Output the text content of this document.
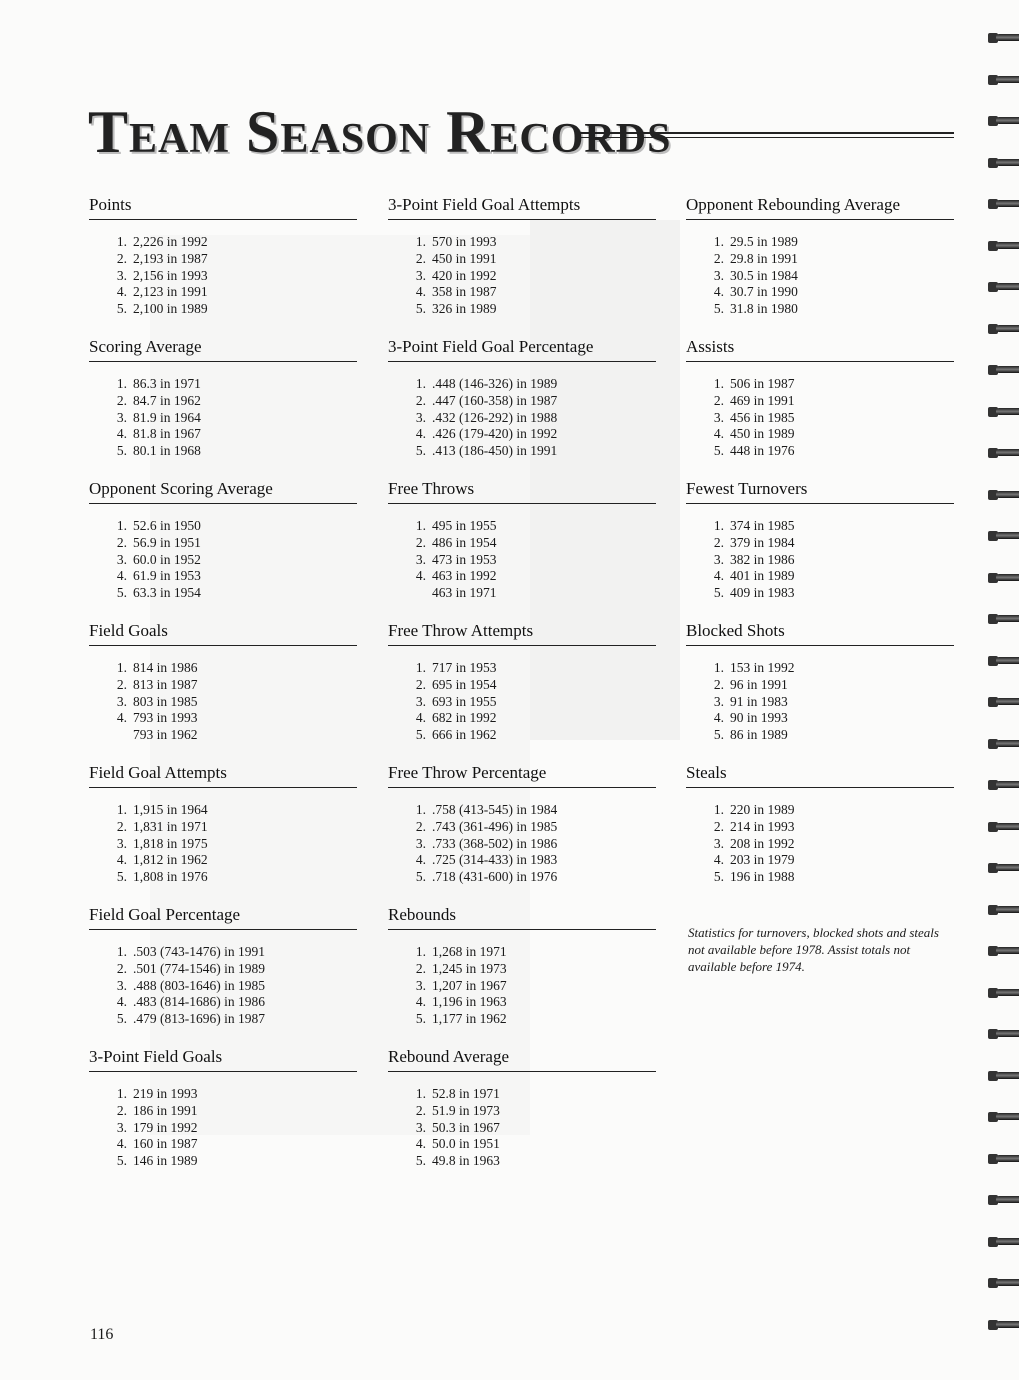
Team Season Records
Points
1. 2,226 in 1992
2. 2,193 in 1987
3. 2,156 in 1993
4. 2,123 in 1991
5. 2,100 in 1989
Scoring Average
1. 86.3 in 1971
2. 84.7 in 1962
3. 81.9 in 1964
4. 81.8 in 1967
5. 80.1 in 1968
Opponent Scoring Average
1. 52.6 in 1950
2. 56.9 in 1951
3. 60.0 in 1952
4. 61.9 in 1953
5. 63.3 in 1954
Field Goals
1. 814 in 1986
2. 813 in 1987
3. 803 in 1985
4. 793 in 1993
793 in 1962
Field Goal Attempts
1. 1,915 in 1964
2. 1,831 in 1971
3. 1,818 in 1975
4. 1,812 in 1962
5. 1,808 in 1976
Field Goal Percentage
1. .503 (743-1476) in 1991
2. .501 (774-1546) in 1989
3. .488 (803-1646) in 1985
4. .483 (814-1686) in 1986
5. .479 (813-1696) in 1987
3-Point Field Goals
1. 219 in 1993
2. 186 in 1991
3. 179 in 1992
4. 160 in 1987
5. 146 in 1989
3-Point Field Goal Attempts
1. 570 in 1993
2. 450 in 1991
3. 420 in 1992
4. 358 in 1987
5. 326 in 1989
3-Point Field Goal Percentage
1. .448 (146-326) in 1989
2. .447 (160-358) in 1987
3. .432 (126-292) in 1988
4. .426 (179-420) in 1992
5. .413 (186-450) in 1991
Free Throws
1. 495 in 1955
2. 486 in 1954
3. 473 in 1953
4. 463 in 1992
463 in 1971
Free Throw Attempts
1. 717 in 1953
2. 695 in 1954
3. 693 in 1955
4. 682 in 1992
5. 666 in 1962
Free Throw Percentage
1. .758 (413-545) in 1984
2. .743 (361-496) in 1985
3. .733 (368-502) in 1986
4. .725 (314-433) in 1983
5. .718 (431-600) in 1976
Rebounds
1. 1,268 in 1971
2. 1,245 in 1973
3. 1,207 in 1967
4. 1,196 in 1963
5. 1,177 in 1962
Rebound Average
1. 52.8 in 1971
2. 51.9 in 1973
3. 50.3 in 1967
4. 50.0 in 1951
5. 49.8 in 1963
Opponent Rebounding Average
1. 29.5 in 1989
2. 29.8 in 1991
3. 30.5 in 1984
4. 30.7 in 1990
5. 31.8 in 1980
Assists
1. 506 in 1987
2. 469 in 1991
3. 456 in 1985
4. 450 in 1989
5. 448 in 1976
Fewest Turnovers
1. 374 in 1985
2. 379 in 1984
3. 382 in 1986
4. 401 in 1989
5. 409 in 1983
Blocked Shots
1. 153 in 1992
2. 96 in 1991
3. 91 in 1983
4. 90 in 1993
5. 86 in 1989
Steals
1. 220 in 1989
2. 214 in 1993
3. 208 in 1992
4. 203 in 1979
5. 196 in 1988

Statistics for turnovers, blocked shots and steals not available before 1978. Assist totals not available before 1974.

116
